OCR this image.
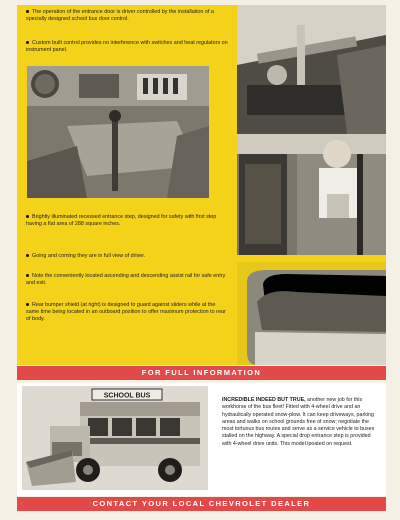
The operation of the entrance door is driver controlled by the installation of a specially designed school bus door control.
Custom built control provides no interference with switches and heat regulators on instrument panel.
Brightly illuminated recessed entrance step, designed for safety with first step having a flat area of 288 square inches.
Going and coming they are in full view of driver.
Note the conveniently located ascending and descending assist rail for safe entry and exit.
Rear bumper shield (at right) is designed to guard against sliders while at the same time being located in an outboard position to offer maximum protection to rear of body.
FOR FULL INFORMATION
SCHOOL BUS
INCREDIBLE INDEED BUT TRUE, another new job for this workhorse of the bus fleet! Fitted with 4-wheel drive and an hydraulically operated snow-plow. It can keep driveways, parking areas and walks on school grounds free of snow; negotiate the most tortuous bus routes and serve as a service vehicle to buses stalled on the highway. A special drop entrance step is provided with 4-wheel drive units. This model ipoated on request.
CONTACT YOUR LOCAL CHEVROLET DEALER
